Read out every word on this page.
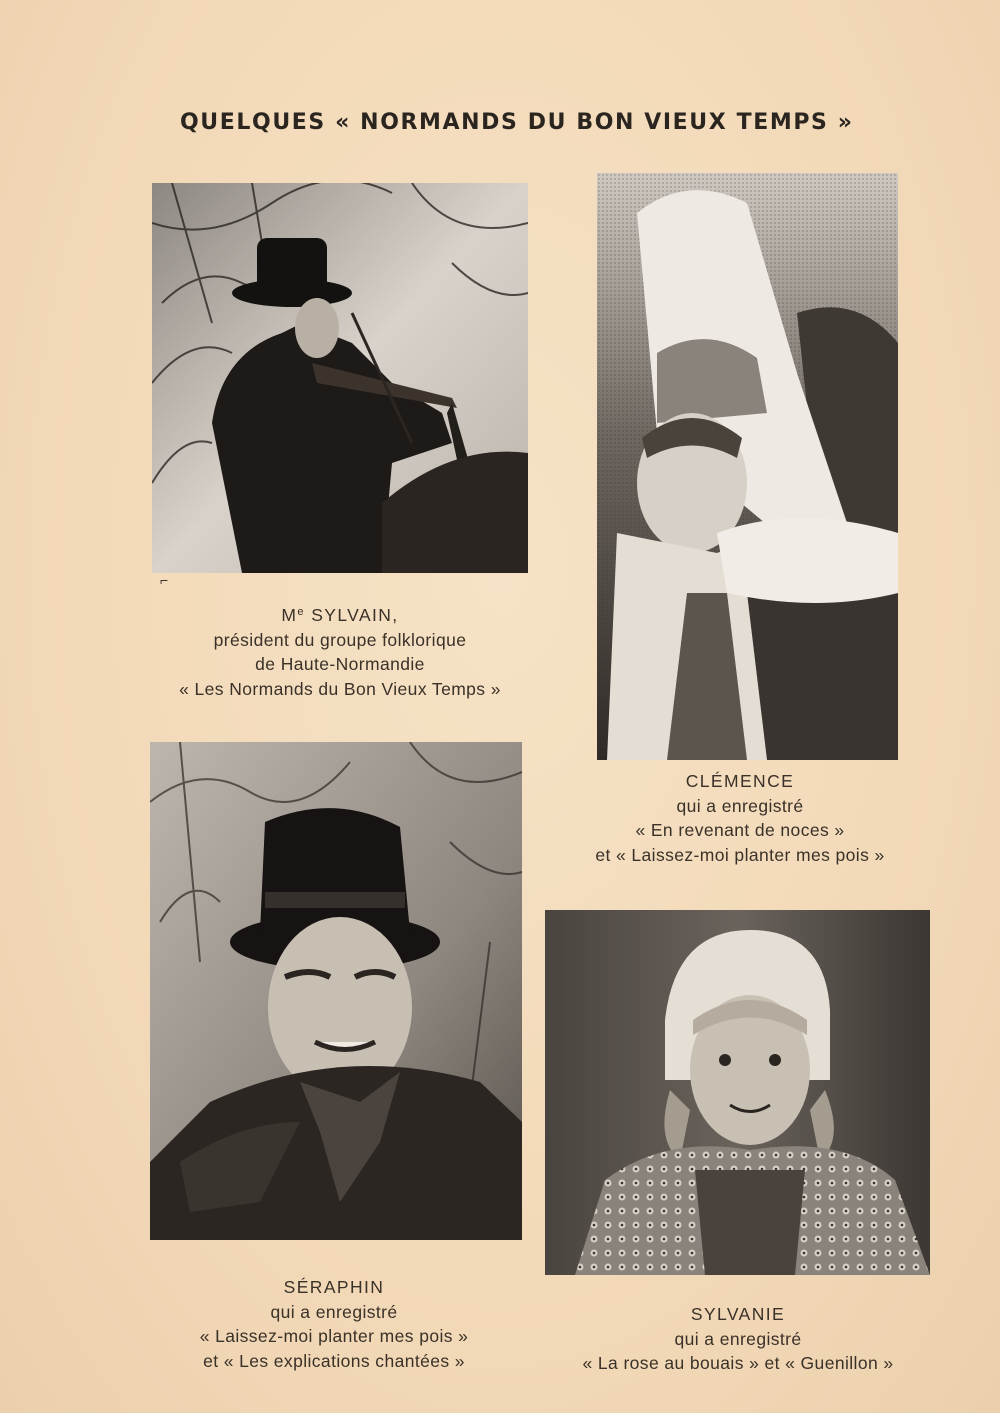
QUELQUES « NORMANDS DU BON VIEUX TEMPS »
⌐
Me SYLVAIN,
président du groupe folklorique
de Haute-Normandie
« Les Normands du Bon Vieux Temps »
CLÉMENCE
qui a enregistré
« En revenant de noces »
et « Laissez-moi planter mes pois »
SÉRAPHIN
qui a enregistré
« Laissez-moi planter mes pois »
et « Les explications chantées »
SYLVANIE
qui a enregistré
« La rose au bouais » et « Guenillon »
